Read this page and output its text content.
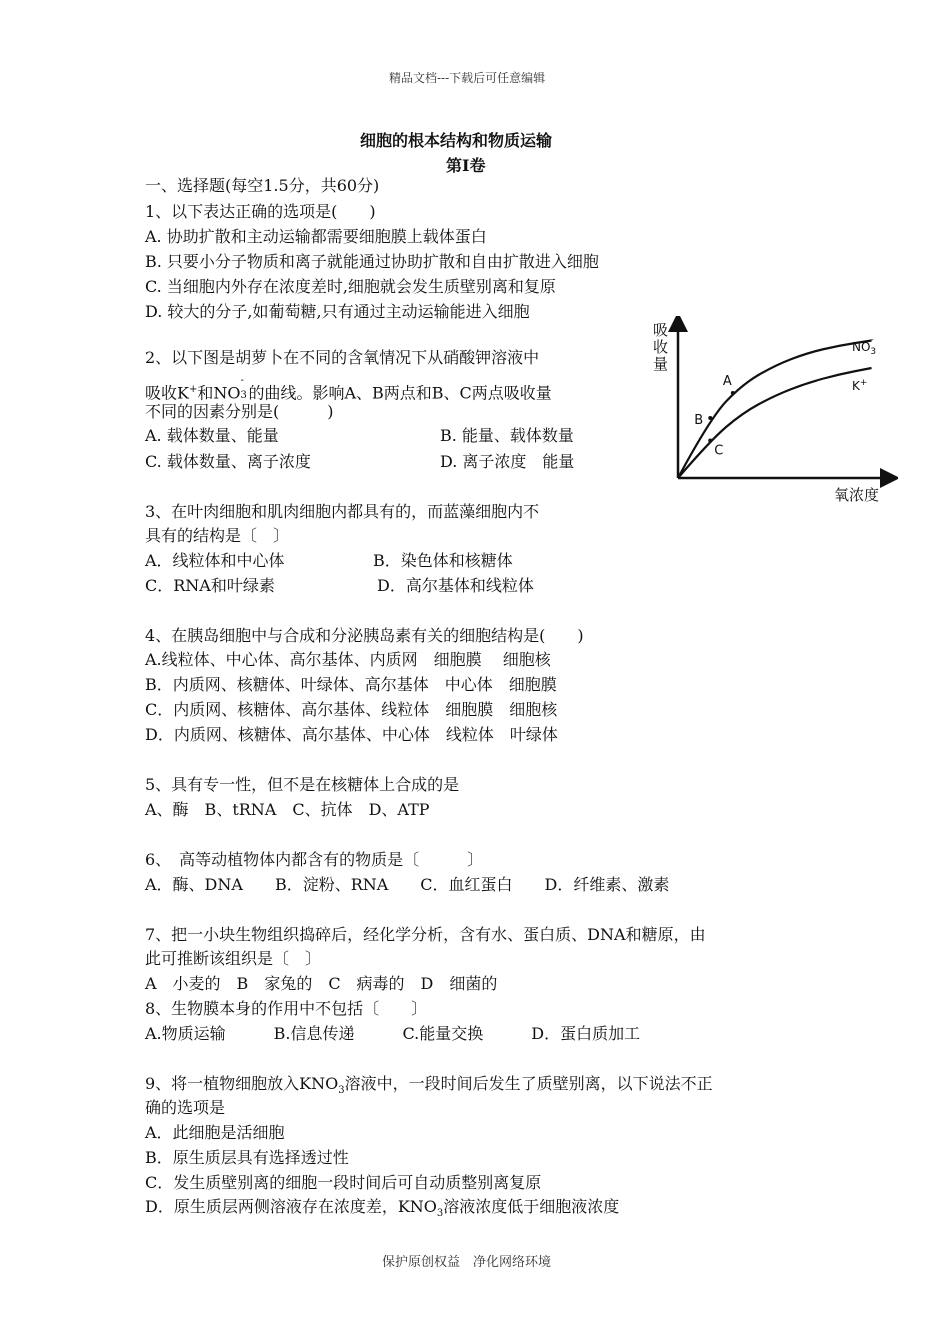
精品文档---下载后可任意编辑
细胞的根本结构和物质运输
第Ⅰ卷
一、选择题(每空1.5分，共60分)
1、以下表达正确的选项是(　　)
A. 协助扩散和主动运输都需要细胞膜上载体蛋白
B. 只要小分子物质和离子就能通过协助扩散和自由扩散进入细胞
C. 当细胞内外存在浓度差时,细胞就会发生质壁别离和复原
D. 较大的分子,如葡萄糖,只有通过主动运输能进入细胞
2、以下图是胡萝卜在不同的含氧情况下从硝酸钾溶液中
吸收K+和NO
-
3 的曲线。影响A、B两点和B、C两点吸收量
不同的因素分别是(　　　)
A. 载体数量、能量	B. 能量、载体数量
C. 载体数量、离子浓度	D. 离子浓度　能量
A
B
C
吸收量
氧浓度
NO -
$_3$
K+
3、在叶肉细胞和肌肉细胞内都具有的，而蓝藻细胞内不
具有的结构是〔　〕
A．线粒体和中心体	B．染色体和核糖体
C．RNA和叶绿素	D．高尔基体和线粒体
4、在胰岛细胞中与合成和分泌胰岛素有关的细胞结构是(　　)
A.线粒体、中心体、高尔基体、内质网　细胞膜　 细胞核
B．内质网、核糖体、叶绿体、高尔基体　中心体　细胞膜
C．内质网、核糖体、高尔基体、线粒体　细胞膜　细胞核
D．内质网、核糖体、高尔基体、中心体　线粒体　叶绿体
5、具有专一性，但不是在核糖体上合成的是
A、酶　B、tRNA　C、抗体　D、ATP
6、　高等动植物体内都含有的物质是〔　　　〕
A．酶、DNA　　B．淀粉、RNA　　C．血红蛋白　　D．纤维素、激素
7、把一小块生物组织捣碎后，经化学分析，含有水、蛋白质、DNA和糖原，由
此可推断该组织是〔　〕
A　小麦的　B　家兔的　C　病毒的　D　细菌的
8、生物膜本身的作用中不包括〔　　〕
A.物质运输　　　B.信息传递　　　C.能量交换　　　D．蛋白质加工
9、将一植物细胞放入$KNO_3$溶液中，一段时间后发生了质壁别离，以下说法不正
确的选项是
A．此细胞是活细胞
B．原生质层具有选择透过性
C．发生质壁别离的细胞一段时间后可自动质整别离复原
D．原生质层两侧溶液存在浓度差，$KNO_3$溶液浓度低于细胞液浓度
保护原创权益　净化网络环境
